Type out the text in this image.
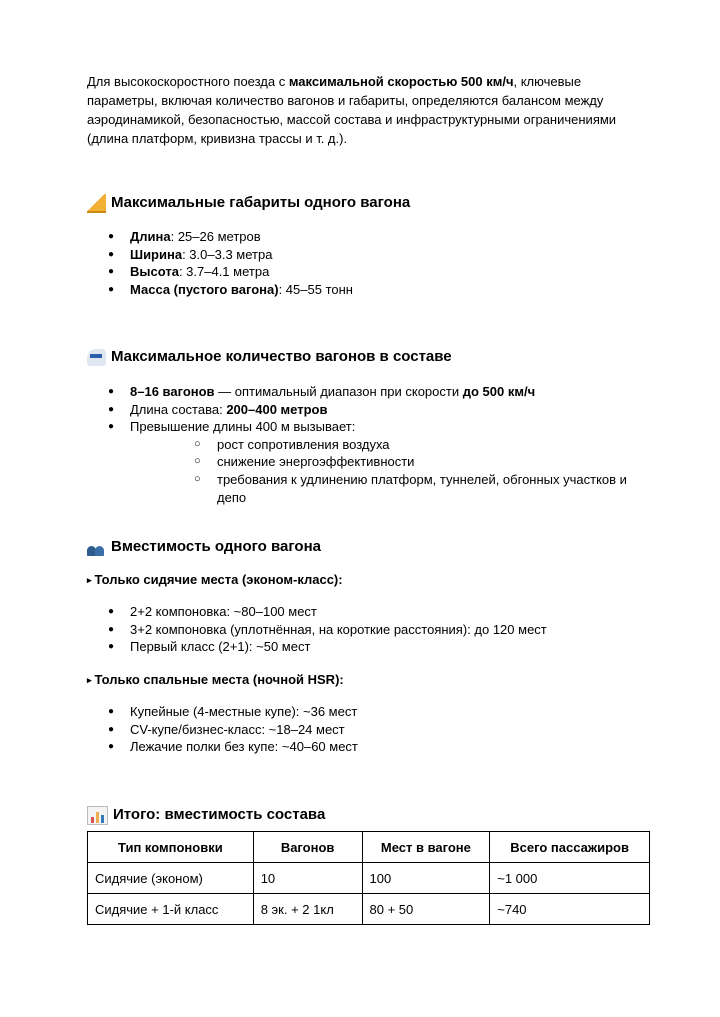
Для высокоскоростного поезда с максимальной скоростью 500 км/ч, ключевые параметры, включая количество вагонов и габариты, определяются балансом между аэродинамикой, безопасностью, массой состава и инфраструктурными ограничениями (длина платформ, кривизна трассы и т. д.).

Максимальные габариты одного вагона
● Длина: 25–26 метров
● Ширина: 3.0–3.3 метра
● Высота: 3.7–4.1 метра
● Масса (пустого вагона): 45–55 тонн
Максимальное количество вагонов в составе
● 8–16 вагонов — оптимальный диапазон при скорости до 500 км/ч
● Длина состава: 200–400 метров
● Превышение длины 400 м вызывает:
○ рост сопротивления воздуха
○ снижение энергоэффективности
○ требования к удлинению платформ, туннелей, обгонных участков и депо
Вместимость одного вагона
▸ Только сидячие места (эконом-класс):
● 2+2 компоновка: ~80–100 мест
● 3+2 компоновка (уплотнённая, на короткие расстояния): до 120 мест
● Первый класс (2+1): ~50 мест
▸ Только спальные места (ночной HSR):
● Купейные (4-местные купе): ~36 мест
● CV-купе/бизнес-класс: ~18–24 мест
● Лежачие полки без купе: ~40–60 мест
Итого: вместимость состава
Тип компоновки	Вагонов	Мест в вагоне	Всего пассажиров
Сидячие (эконом)	10	100	~1 000
Сидячие + 1-й класс	8 эк. + 2 1кл	80 + 50	~740
